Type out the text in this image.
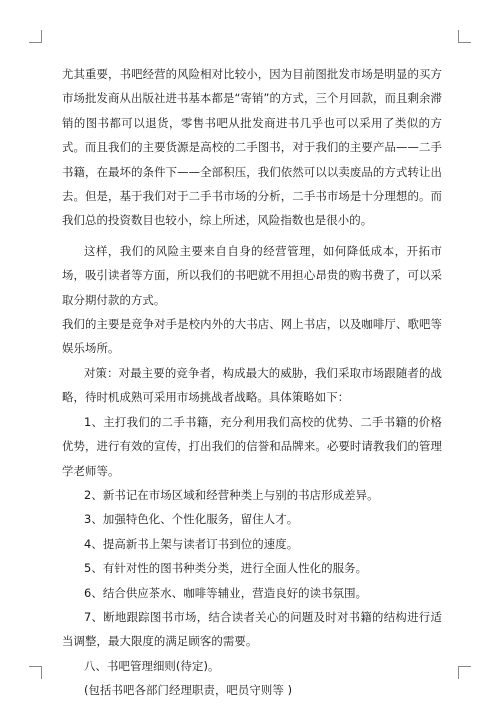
尤其重要，书吧经营的风险相对比较小，因为目前图批发市场是明显的买方市场批发商从出版社进书基本都是“寄销”的方式，三个月回款，而且剩余滞销的图书都可以退货，零售书吧从批发商进书几乎也可以采用了类似的方式。而且我们的主要货源是高校的二手图书，对于我们的主要产品——二手书籍，在最坏的条件下——全部积压，我们依然可以以卖废品的方式转让出去。但是，基于我们对于二手书市场的分析，二手书市场是十分理想的。而我们总的投资数目也较小，综上所述，风险指数也是很小的。

这样，我们的风险主要来自自身的经营管理，如何降低成本，开拓市场，吸引读者等方面，所以我们的书吧就不用担心昂贵的购书费了，可以采取分期付款的方式。

我们的主要是竞争对手是校内外的大书店、网上书店，以及咖啡厅、歌吧等娱乐场所。

对策：对最主要的竞争者，构成最大的威胁，我们采取市场跟随者的战略，待时机成熟可采用市场挑战者战略。具体策略如下：

1、主打我们的二手书籍，充分利用我们高校的优势、二手书籍的价格优势，进行有效的宣传，打出我们的信誉和品牌来。必要时请教我们的管理学老师等。

2、新书记在市场区域和经营种类上与别的书店形成差异。

3、加强特色化、个性化服务，留住人才。

4、提高新书上架与读者订书到位的速度。

5、有针对性的图书种类分类，进行全面人性化的服务。

6、结合供应茶水、咖啡等辅业，营造良好的读书氛围。

7、断地跟踪图书市场，结合读者关心的问题及时对书籍的结构进行适当调整，最大限度的满足顾客的需要。

八、书吧管理细则(待定)。

(包括书吧各部门经理职责，吧员守则等 )
